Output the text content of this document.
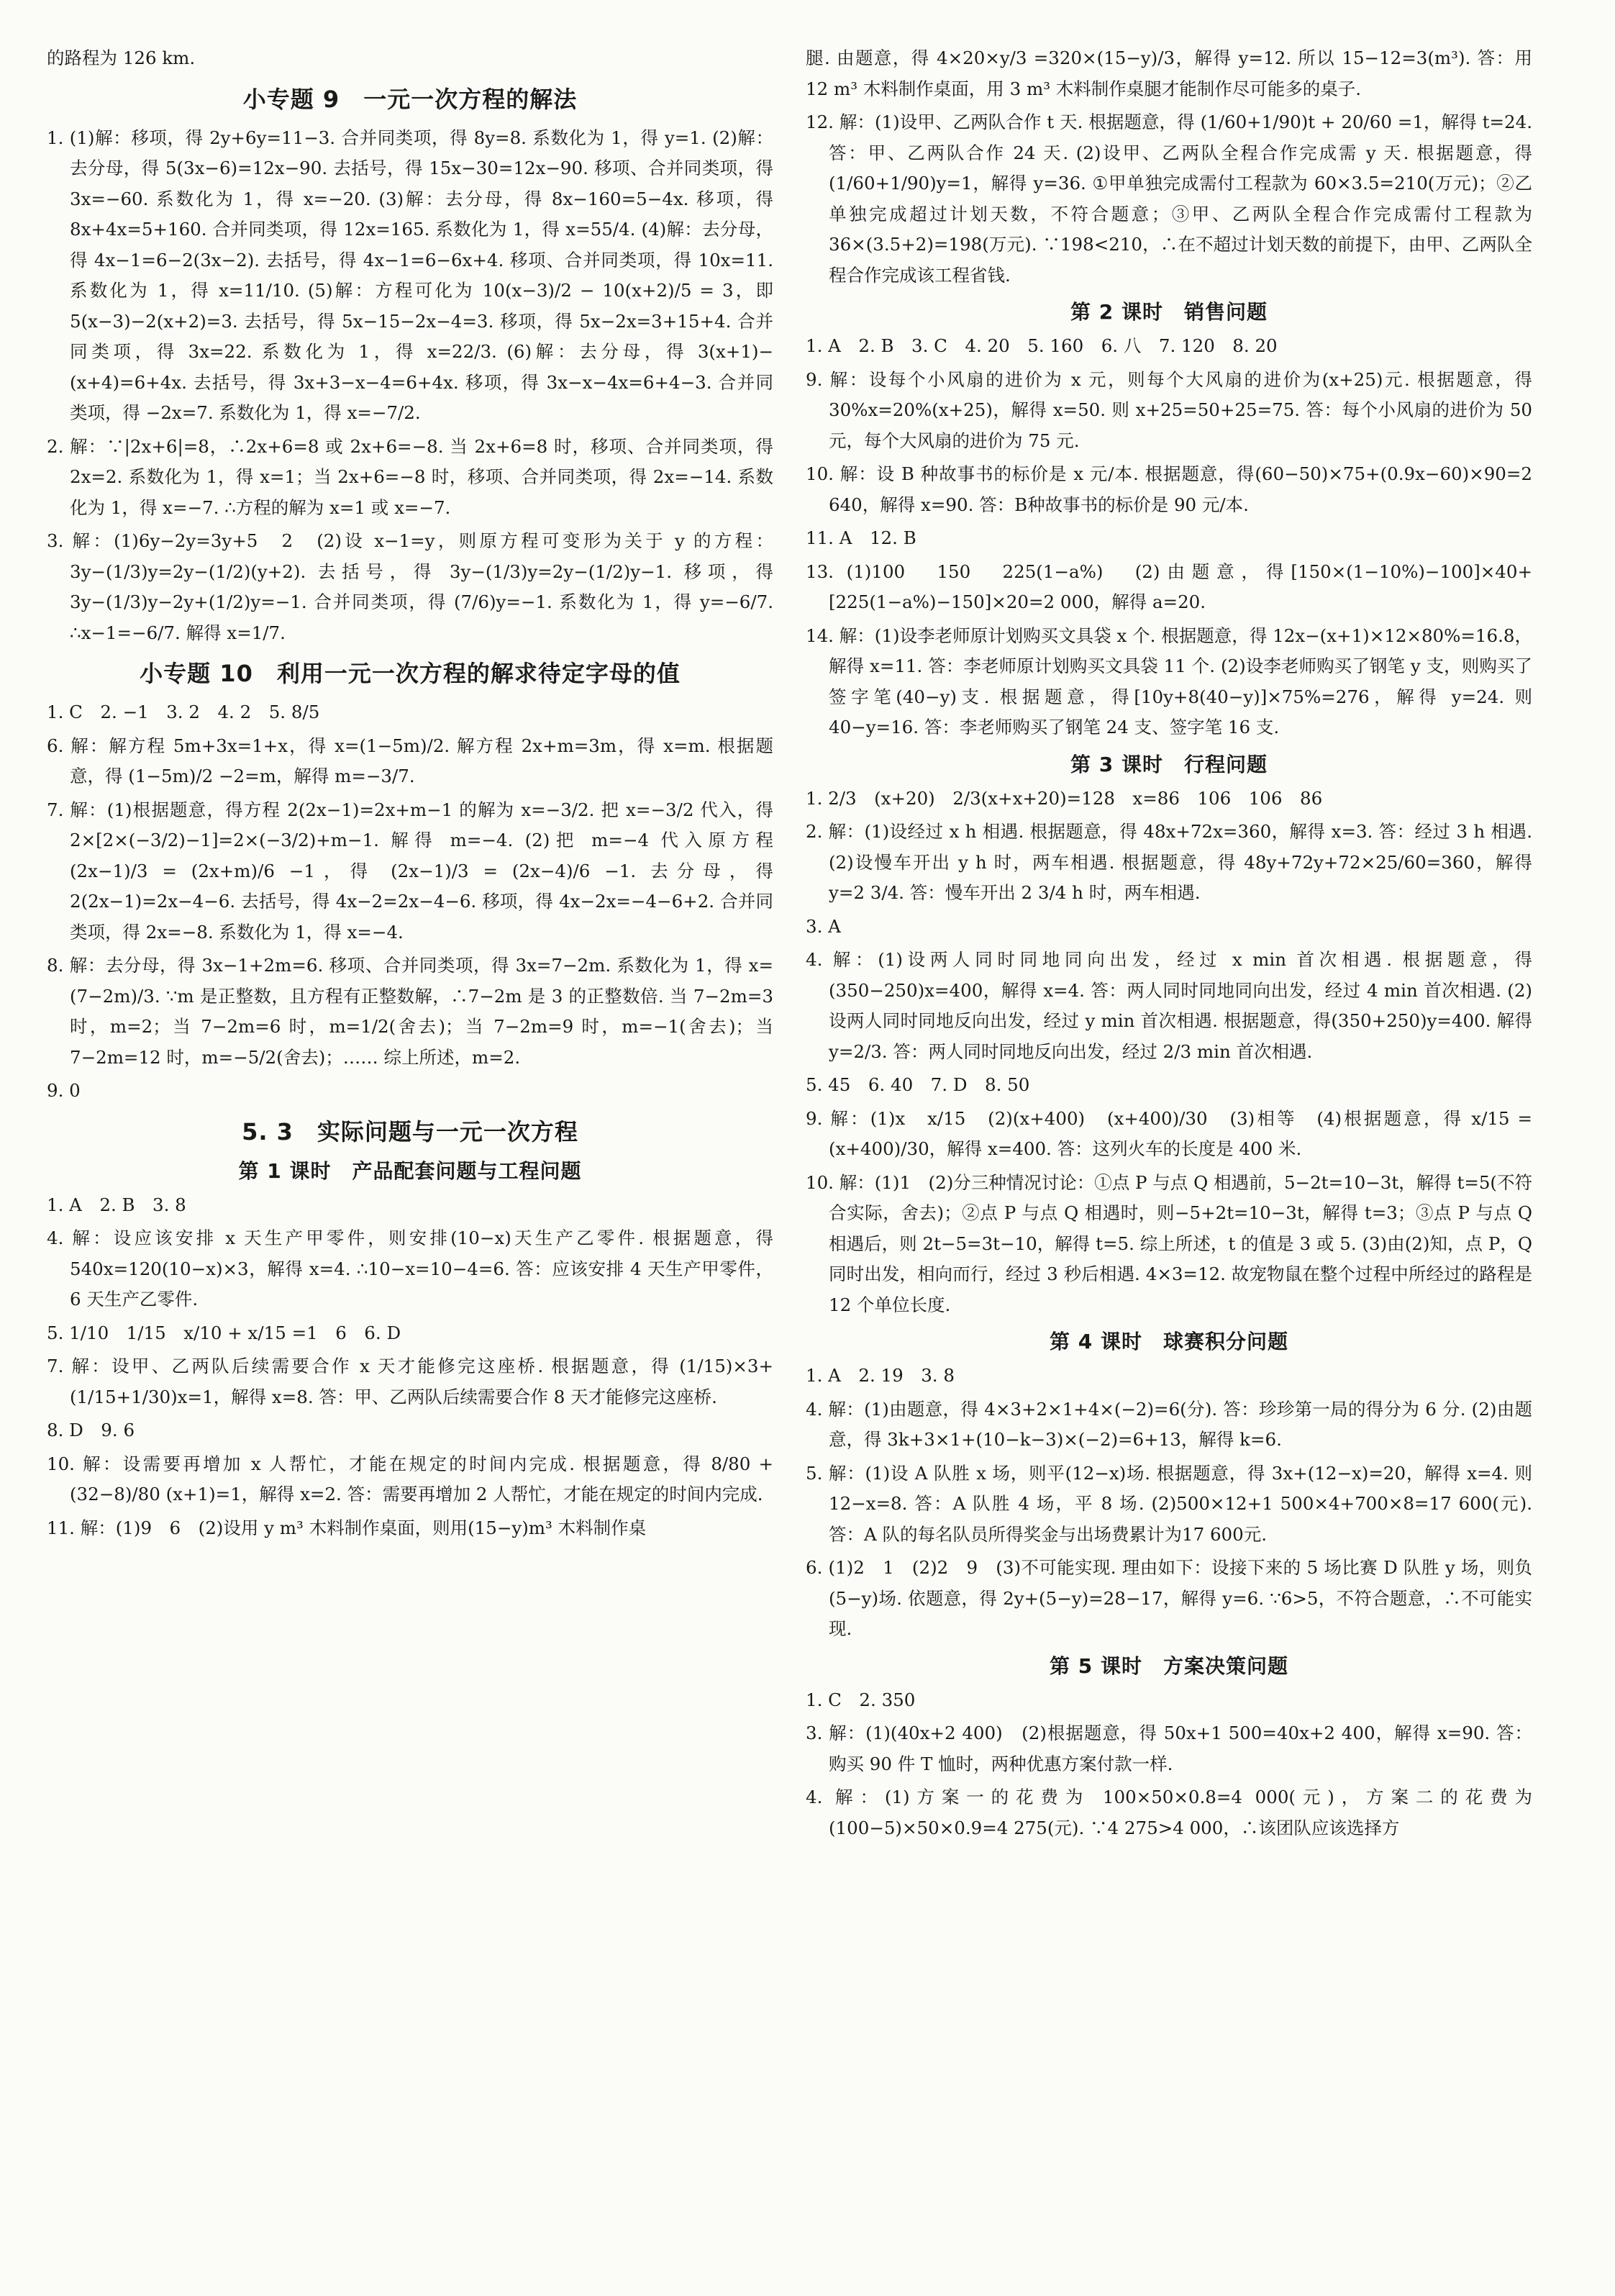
的路程为 126 km.

小专题 9　一元一次方程的解法

1. (1)解：移项，得 2y+6y=11−3. 合并同类项，得 8y=8. 系数化为 1，得 y=1. (2)解：去分母，得 5(3x−6)=12x−90. 去括号，得 15x−30=12x−90. 移项、合并同类项，得 3x=−60. 系数化为 1，得 x=−20. (3)解：去分母，得 8x−160=5−4x. 移项，得 8x+4x=5+160. 合并同类项，得 12x=165. 系数化为 1，得 x=55/4. (4)解：去分母，得 4x−1=6−2(3x−2). 去括号，得 4x−1=6−6x+4. 移项、合并同类项，得 10x=11. 系数化为 1，得 x=11/10. (5)解：方程可化为 10(x−3)/2 − 10(x+2)/5 = 3，即 5(x−3)−2(x+2)=3. 去括号，得 5x−15−2x−4=3. 移项，得 5x−2x=3+15+4. 合并同类项，得 3x=22. 系数化为 1，得 x=22/3. (6)解：去分母，得 3(x+1)−(x+4)=6+4x. 去括号，得 3x+3−x−4=6+4x. 移项，得 3x−x−4x=6+4−3. 合并同类项，得 −2x=7. 系数化为 1，得 x=−7/2.

2. 解：∵|2x+6|=8，∴2x+6=8 或 2x+6=−8. 当 2x+6=8 时，移项、合并同类项，得 2x=2. 系数化为 1，得 x=1；当 2x+6=−8 时，移项、合并同类项，得 2x=−14. 系数化为 1，得 x=−7. ∴方程的解为 x=1 或 x=−7.

3. 解：(1)6y−2y=3y+5　2　(2)设 x−1=y，则原方程可变形为关于 y 的方程：3y−(1/3)y=2y−(1/2)(y+2). 去括号，得 3y−(1/3)y=2y−(1/2)y−1. 移项，得 3y−(1/3)y−2y+(1/2)y=−1. 合并同类项，得 (7/6)y=−1. 系数化为 1，得 y=−6/7. ∴x−1=−6/7. 解得 x=1/7.

小专题 10　利用一元一次方程的解求待定字母的值

1. C　2. −1　3. 2　4. 2　5. 8/5

6. 解：解方程 5m+3x=1+x，得 x=(1−5m)/2. 解方程 2x+m=3m，得 x=m. 根据题意，得 (1−5m)/2 −2=m，解得 m=−3/7.

7. 解：(1)根据题意，得方程 2(2x−1)=2x+m−1 的解为 x=−3/2. 把 x=−3/2 代入，得 2×[2×(−3/2)−1]=2×(−3/2)+m−1. 解得 m=−4. (2)把 m=−4 代入原方程 (2x−1)/3 = (2x+m)/6 −1，得 (2x−1)/3 = (2x−4)/6 −1. 去分母，得 2(2x−1)=2x−4−6. 去括号，得 4x−2=2x−4−6. 移项，得 4x−2x=−4−6+2. 合并同类项，得 2x=−8. 系数化为 1，得 x=−4.

8. 解：去分母，得 3x−1+2m=6. 移项、合并同类项，得 3x=7−2m. 系数化为 1，得 x=(7−2m)/3. ∵m 是正整数，且方程有正整数解，∴7−2m 是 3 的正整数倍. 当 7−2m=3 时，m=2；当 7−2m=6 时，m=1/2(舍去)；当 7−2m=9 时，m=−1(舍去)；当 7−2m=12 时，m=−5/2(舍去)；…… 综上所述，m=2.

9. 0

5. 3　实际问题与一元一次方程
第 1 课时　产品配套问题与工程问题

1. A　2. B　3. 8

4. 解：设应该安排 x 天生产甲零件，则安排(10−x)天生产乙零件. 根据题意，得 540x=120(10−x)×3，解得 x=4. ∴10−x=10−4=6. 答：应该安排 4 天生产甲零件，6 天生产乙零件.

5. 1/10　1/15　x/10 + x/15 =1　6　6. D

7. 解：设甲、乙两队后续需要合作 x 天才能修完这座桥. 根据题意，得 (1/15)×3+(1/15+1/30)x=1，解得 x=8. 答：甲、乙两队后续需要合作 8 天才能修完这座桥.

8. D　9. 6

10. 解：设需要再增加 x 人帮忙，才能在规定的时间内完成. 根据题意，得 8/80 + (32−8)/80 (x+1)=1，解得 x=2. 答：需要再增加 2 人帮忙，才能在规定的时间内完成.

11. 解：(1)9　6　(2)设用 y m³ 木料制作桌面，则用(15−y)m³ 木料制作桌

腿. 由题意，得 4×20×y/3 =320×(15−y)/3，解得 y=12. 所以 15−12=3(m³). 答：用 12 m³ 木料制作桌面，用 3 m³ 木料制作桌腿才能制作尽可能多的桌子.

12. 解：(1)设甲、乙两队合作 t 天. 根据题意，得 (1/60+1/90)t + 20/60 =1，解得 t=24. 答：甲、乙两队合作 24 天. (2)设甲、乙两队全程合作完成需 y 天. 根据题意，得 (1/60+1/90)y=1，解得 y=36. ①甲单独完成需付工程款为 60×3.5=210(万元)；②乙单独完成超过计划天数，不符合题意；③甲、乙两队全程合作完成需付工程款为 36×(3.5+2)=198(万元). ∵198<210，∴在不超过计划天数的前提下，由甲、乙两队全程合作完成该工程省钱.

第 2 课时　销售问题

1. A　2. B　3. C　4. 20　5. 160　6. 八　7. 120　8. 20

9. 解：设每个小风扇的进价为 x 元，则每个大风扇的进价为(x+25)元. 根据题意，得 30%x=20%(x+25)，解得 x=50. 则 x+25=50+25=75. 答：每个小风扇的进价为 50 元，每个大风扇的进价为 75 元.

10. 解：设 B 种故事书的标价是 x 元/本. 根据题意，得(60−50)×75+(0.9x−60)×90=2 640，解得 x=90. 答：B种故事书的标价是 90 元/本.

11. A　12. B

13. (1)100　150　225(1−a%)　(2)由题意，得[150×(1−10%)−100]×40+[225(1−a%)−150]×20=2 000，解得 a=20.

14. 解：(1)设李老师原计划购买文具袋 x 个. 根据题意，得 12x−(x+1)×12×80%=16.8，解得 x=11. 答：李老师原计划购买文具袋 11 个. (2)设李老师购买了钢笔 y 支，则购买了签字笔(40−y)支. 根据题意，得[10y+8(40−y)]×75%=276，解得 y=24. 则 40−y=16. 答：李老师购买了钢笔 24 支、签字笔 16 支.

第 3 课时　行程问题

1. 2/3　(x+20)　2/3(x+x+20)=128　x=86　106　106　86

2. 解：(1)设经过 x h 相遇. 根据题意，得 48x+72x=360，解得 x=3. 答：经过 3 h 相遇. (2)设慢车开出 y h 时，两车相遇. 根据题意，得 48y+72y+72×25/60=360，解得 y=2 3/4. 答：慢车开出 2 3/4 h 时，两车相遇.

3. A

4. 解：(1)设两人同时同地同向出发，经过 x min 首次相遇. 根据题意，得(350−250)x=400，解得 x=4. 答：两人同时同地同向出发，经过 4 min 首次相遇. (2)设两人同时同地反向出发，经过 y min 首次相遇. 根据题意，得(350+250)y=400. 解得 y=2/3. 答：两人同时同地反向出发，经过 2/3 min 首次相遇.

5. 45　6. 40　7. D　8. 50

9. 解：(1)x　x/15　(2)(x+400)　(x+400)/30　(3)相等　(4)根据题意，得 x/15 = (x+400)/30，解得 x=400. 答：这列火车的长度是 400 米.

10. 解：(1)1　(2)分三种情况讨论：①点 P 与点 Q 相遇前，5−2t=10−3t，解得 t=5(不符合实际，舍去)；②点 P 与点 Q 相遇时，则−5+2t=10−3t，解得 t=3；③点 P 与点 Q 相遇后，则 2t−5=3t−10，解得 t=5. 综上所述，t 的值是 3 或 5. (3)由(2)知，点 P，Q 同时出发，相向而行，经过 3 秒后相遇. 4×3=12. 故宠物鼠在整个过程中所经过的路程是 12 个单位长度.

第 4 课时　球赛积分问题

1. A　2. 19　3. 8

4. 解：(1)由题意，得 4×3+2×1+4×(−2)=6(分). 答：珍珍第一局的得分为 6 分. (2)由题意，得 3k+3×1+(10−k−3)×(−2)=6+13，解得 k=6.

5. 解：(1)设 A 队胜 x 场，则平(12−x)场. 根据题意，得 3x+(12−x)=20，解得 x=4. 则 12−x=8. 答：A 队胜 4 场，平 8 场. (2)500×12+1 500×4+700×8=17 600(元). 答：A 队的每名队员所得奖金与出场费累计为17 600元.

6. (1)2　1　(2)2　9　(3)不可能实现. 理由如下：设接下来的 5 场比赛 D 队胜 y 场，则负(5−y)场. 依题意，得 2y+(5−y)=28−17，解得 y=6. ∵6>5，不符合题意，∴不可能实现.

第 5 课时　方案决策问题

1. C　2. 350

3. 解：(1)(40x+2 400)　(2)根据题意，得 50x+1 500=40x+2 400，解得 x=90. 答：购买 90 件 T 恤时，两种优惠方案付款一样.

4. 解：(1)方案一的花费为 100×50×0.8=4 000(元)，方案二的花费为(100−5)×50×0.9=4 275(元). ∵4 275>4 000，∴该团队应该选择方
